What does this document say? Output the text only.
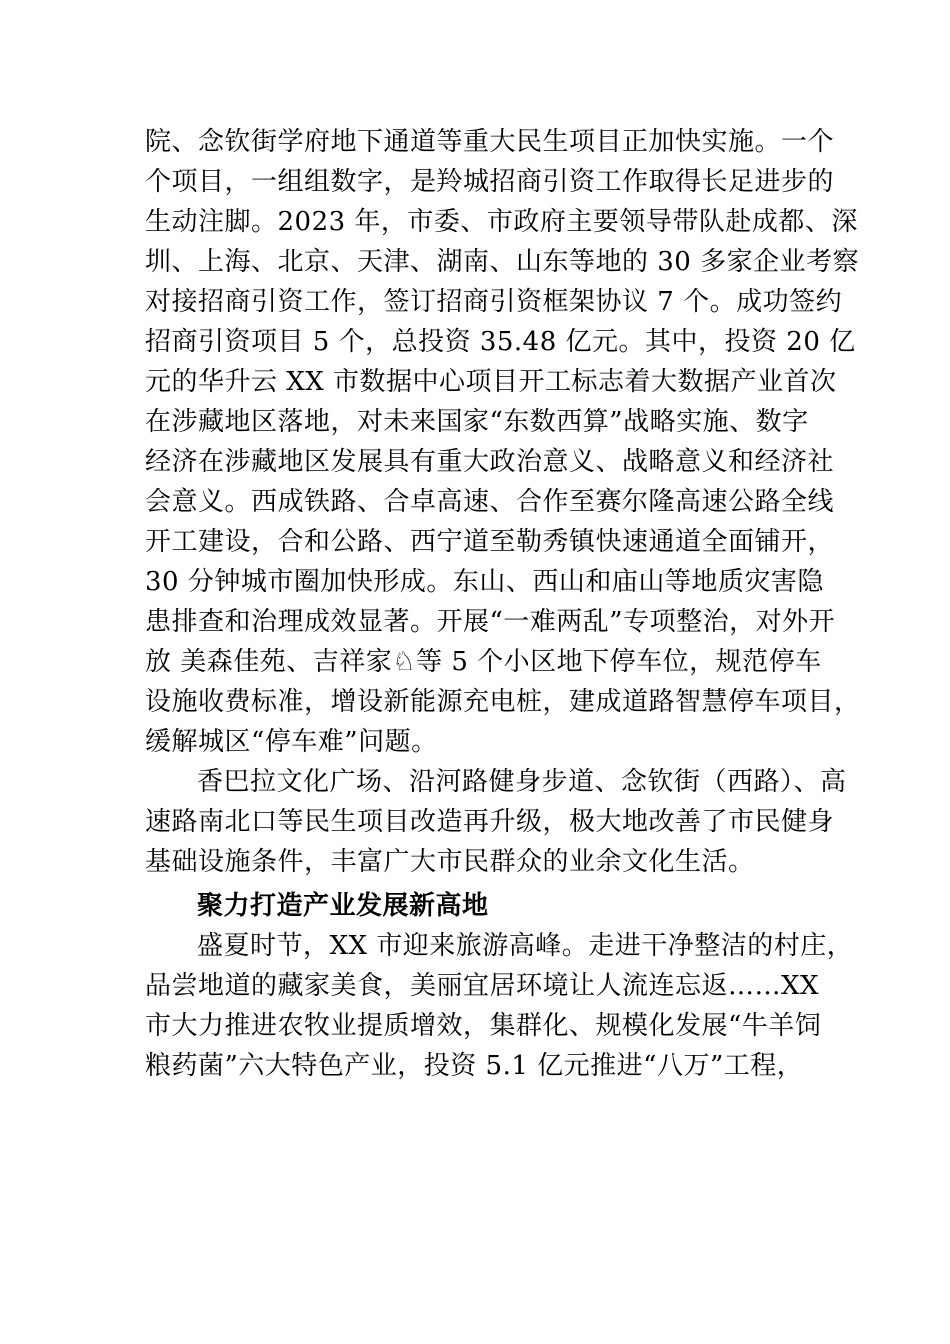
院、念钦街学府地下通道等重大民生项目正加快实施。一个
个项目，一组组数字，是羚城招商引资工作取得长足进步的
生动注脚。2023 年，市委、市政府主要领导带队赴成都、深
圳、上海、北京、天津、湖南、山东等地的 30 多家企业考察
对接招商引资工作，签订招商引资框架协议 7 个。成功签约
招商引资项目 5 个，总投资 35.48 亿元。其中，投资 20 亿
元的华升云 XX 市数据中心项目开工标志着大数据产业首次
在涉藏地区落地，对未来国家“东数西算”战略实施、数字
经济在涉藏地区发展具有重大政治意义、战略意义和经济社
会意义。西成铁路、合卓高速、合作至赛尔隆高速公路全线
开工建设，合和公路、西宁道至勒秀镇快速通道全面铺开，
30 分钟城市圈加快形成。东山、西山和庙山等地质灾害隐
患排查和治理成效显著。开展“一难两乱”专项整治，对外开
放 美森佳苑、吉祥家♘等 5 个小区地下停车位，规范停车
设施收费标准，增设新能源充电桩，建成道路智慧停车项目，
缓解城区“停车难”问题。
香巴拉文化广场、沿河路健身步道、念钦街（西路）、高
速路南北口等民生项目改造再升级，极大地改善了市民健身
基础设施条件，丰富广大市民群众的业余文化生活。
聚力打造产业发展新高地
盛夏时节，XX 市迎来旅游高峰。走进干净整洁的村庄，
品尝地道的藏家美食，美丽宜居环境让人流连忘返……XX
市大力推进农牧业提质增效，集群化、规模化发展“牛羊饲
粮药菌”六大特色产业，投资 5.1 亿元推进“八万”工程，
